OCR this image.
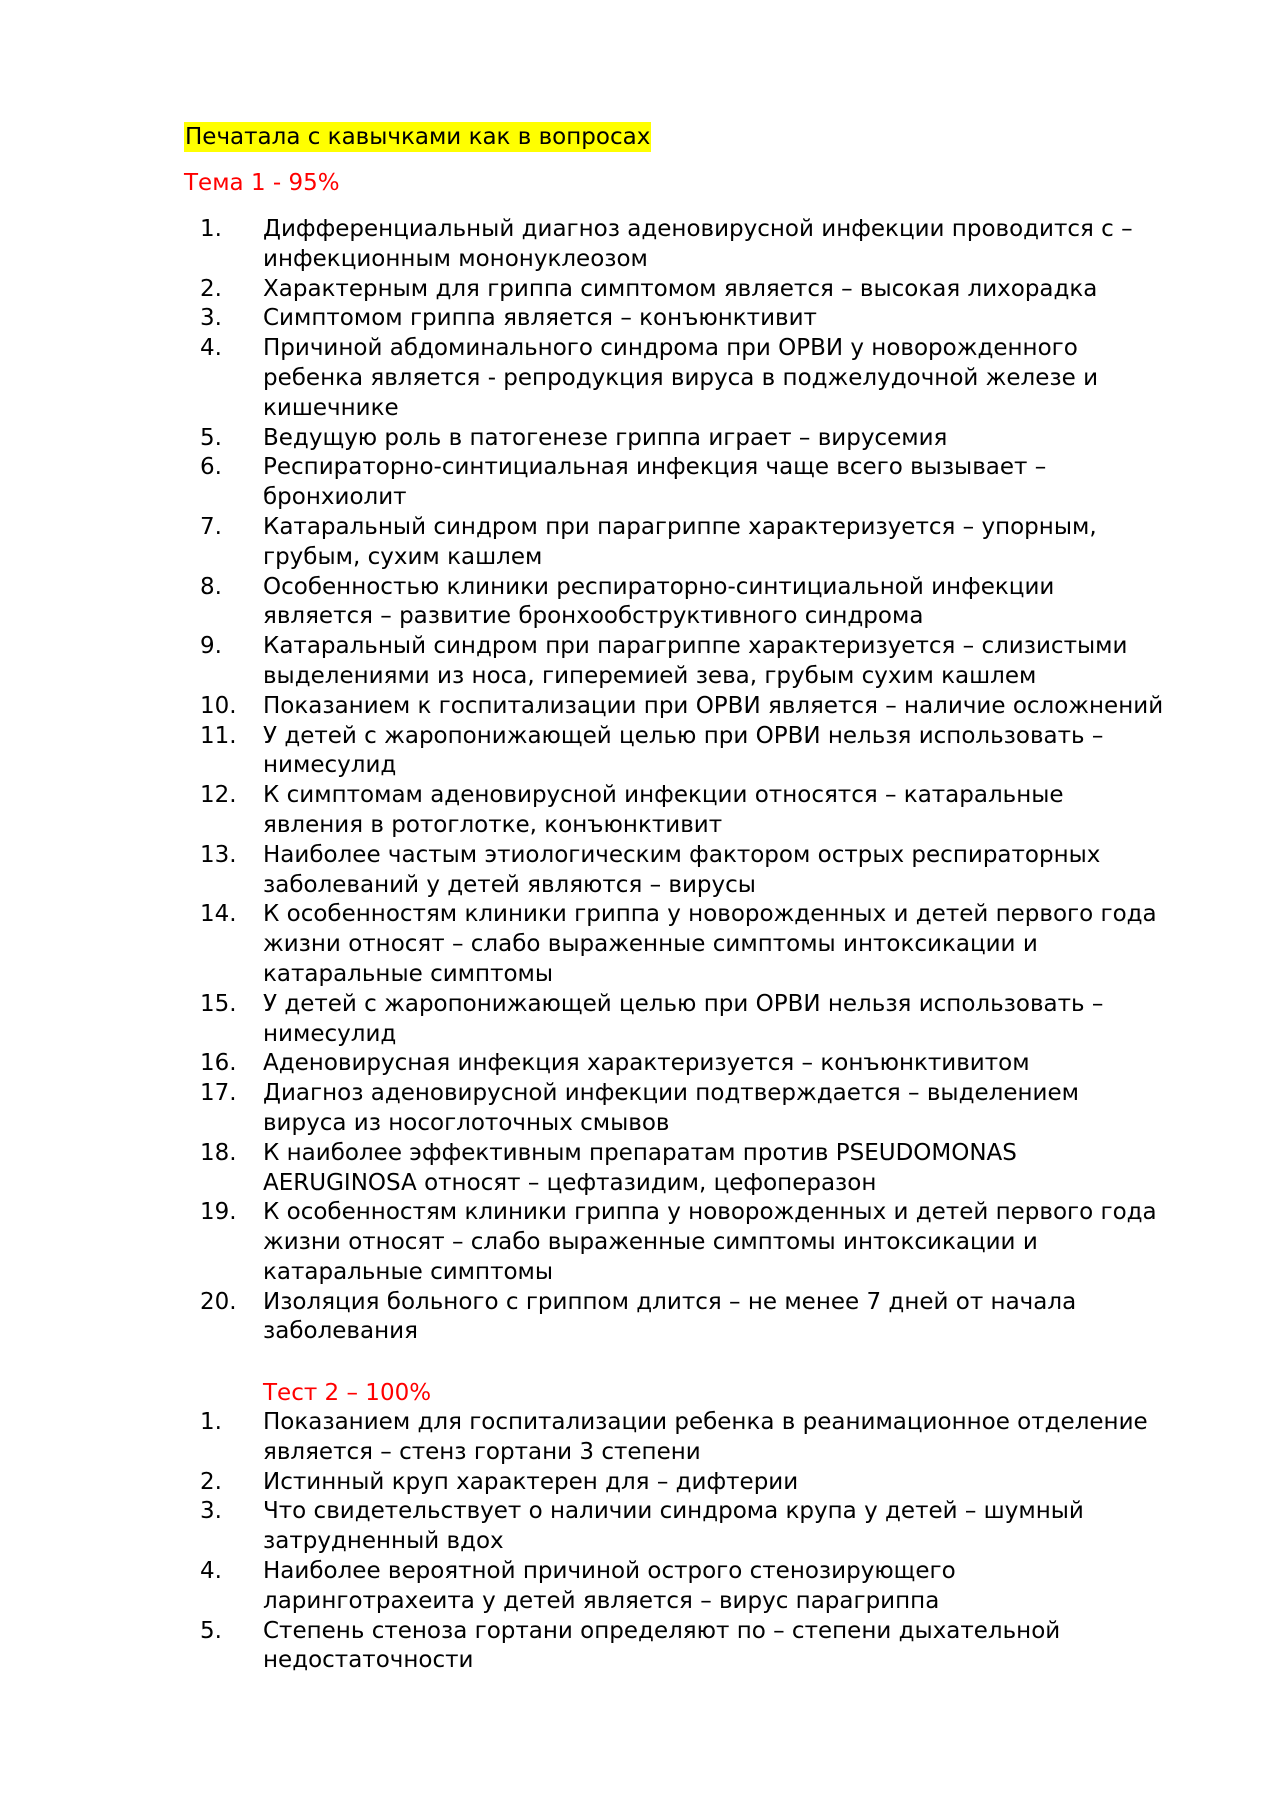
Печатала с кавычками как в вопросах
Тема 1 - 95%
1.	Дифференциальный диагноз аденовирусной инфекции проводится с –
инфекционным мононуклеозом
2.	Характерным для гриппа симптомом является – высокая лихорадка
3.	Симптомом гриппа является – конъюнктивит
4.	Причиной абдоминального синдрома при ОРВИ у новорожденного
ребенка является - репродукция вируса в поджелудочной железе и
кишечнике
5.	Ведущую роль в патогенезе гриппа играет – вирусемия
6.	Респираторно-синтициальная инфекция чаще всего вызывает –
бронхиолит
7.	Катаральный синдром при парагриппе характеризуется – упорным,
грубым, сухим кашлем
8.	Особенностью клиники респираторно-синтициальной инфекции
является – развитие бронхообструктивного синдрома
9.	Катаральный синдром при парагриппе характеризуется – слизистыми
выделениями из носа, гиперемией зева, грубым сухим кашлем
10.	Показанием к госпитализации при ОРВИ является – наличие осложнений
11.	У детей с жаропонижающей целью при ОРВИ нельзя использовать –
нимесулид
12.	К симптомам аденовирусной инфекции относятся – катаральные
явления в ротоглотке, конъюнктивит
13.	Наиболее частым этиологическим фактором острых респираторных
заболеваний у детей являются – вирусы
14.	К особенностям клиники гриппа у новорожденных и детей первого года
жизни относят – слабо выраженные симптомы интоксикации и
катаральные симптомы
15.	У детей с жаропонижающей целью при ОРВИ нельзя использовать –
нимесулид
16.	Аденовирусная инфекция характеризуется – конъюнктивитом
17.	Диагноз аденовирусной инфекции подтверждается – выделением
вируса из носоглоточных смывов
18.	К наиболее эффективным препаратам против PSEUDOMONAS
AERUGINOSA относят – цефтазидим, цефоперазон
19.	К особенностям клиники гриппа у новорожденных и детей первого года
жизни относят – слабо выраженные симптомы интоксикации и
катаральные симптомы
20.	Изоляция больного с гриппом длится – не менее 7 дней от начала
заболевания
Тест 2 – 100%
1.	Показанием для госпитализации ребенка в реанимационное отделение
является – стенз гортани 3 степени
2.	Истинный круп характерен для – дифтерии
3.	Что свидетельствует о наличии синдрома крупа у детей – шумный
затрудненный вдох
4.	Наиболее вероятной причиной острого стенозирующего
ларинготрахеита у детей является – вирус парагриппа
5.	Степень стеноза гортани определяют по – степени дыхательной
недостаточности
